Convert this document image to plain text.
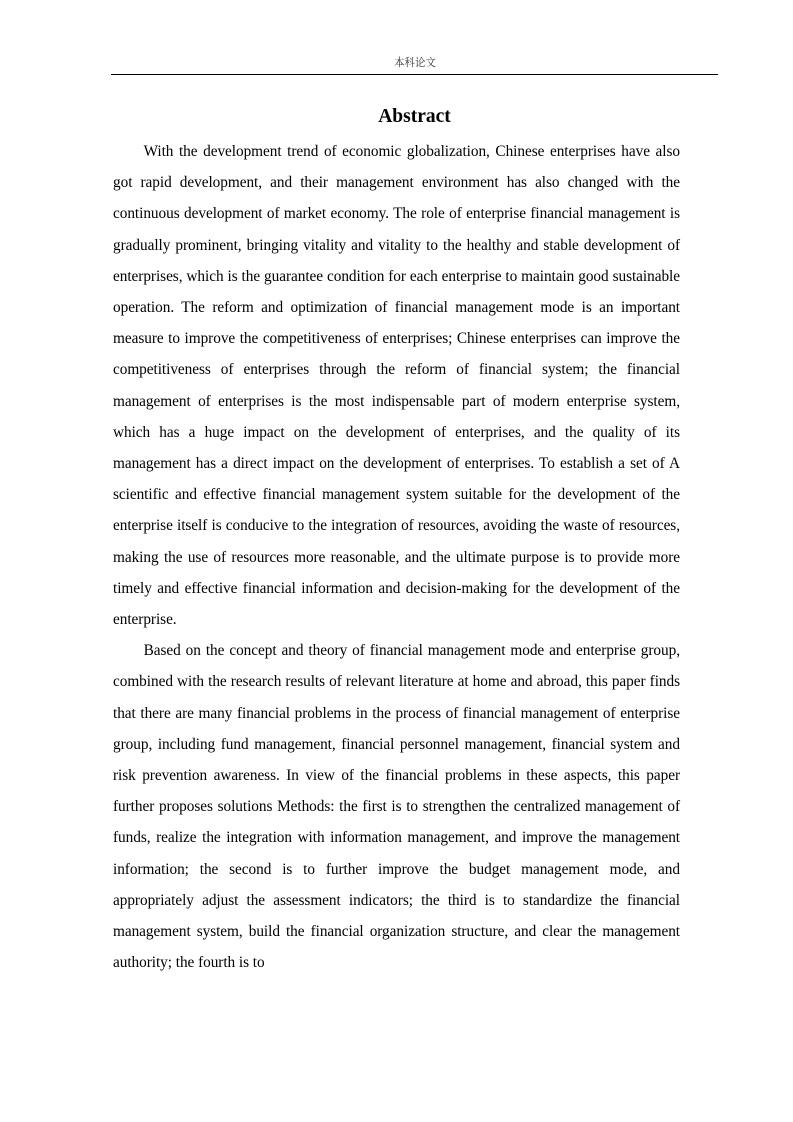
本科论文
Abstract

With the development trend of economic globalization, Chinese enterprises have also got rapid development, and their management environment has also changed with the continuous development of market economy. The role of enterprise financial management is gradually prominent, bringing vitality and vitality to the healthy and stable development of enterprises, which is the guarantee condition for each enterprise to maintain good sustainable operation. The reform and optimization of financial management mode is an important measure to improve the competitiveness of enterprises; Chinese enterprises can improve the competitiveness of enterprises through the reform of financial system; the financial management of enterprises is the most indispensable part of modern enterprise system, which has a huge impact on the development of enterprises, and the quality of its management has a direct impact on the development of enterprises. To establish a set of A scientific and effective financial management system suitable for the development of the enterprise itself is conducive to the integration of resources, avoiding the waste of resources, making the use of resources more reasonable, and the ultimate purpose is to provide more timely and effective financial information and decision-making for the development of the enterprise.

Based on the concept and theory of financial management mode and enterprise group, combined with the research results of relevant literature at home and abroad, this paper finds that there are many financial problems in the process of financial management of enterprise group, including fund management, financial personnel management, financial system and risk prevention awareness. In view of the financial problems in these aspects, this paper further proposes solutions Methods: the first is to strengthen the centralized management of funds, realize the integration with information management, and improve the management information; the second is to further improve the budget management mode, and appropriately adjust the assessment indicators; the third is to standardize the financial management system, build the financial organization structure, and clear the management authority; the fourth is to
